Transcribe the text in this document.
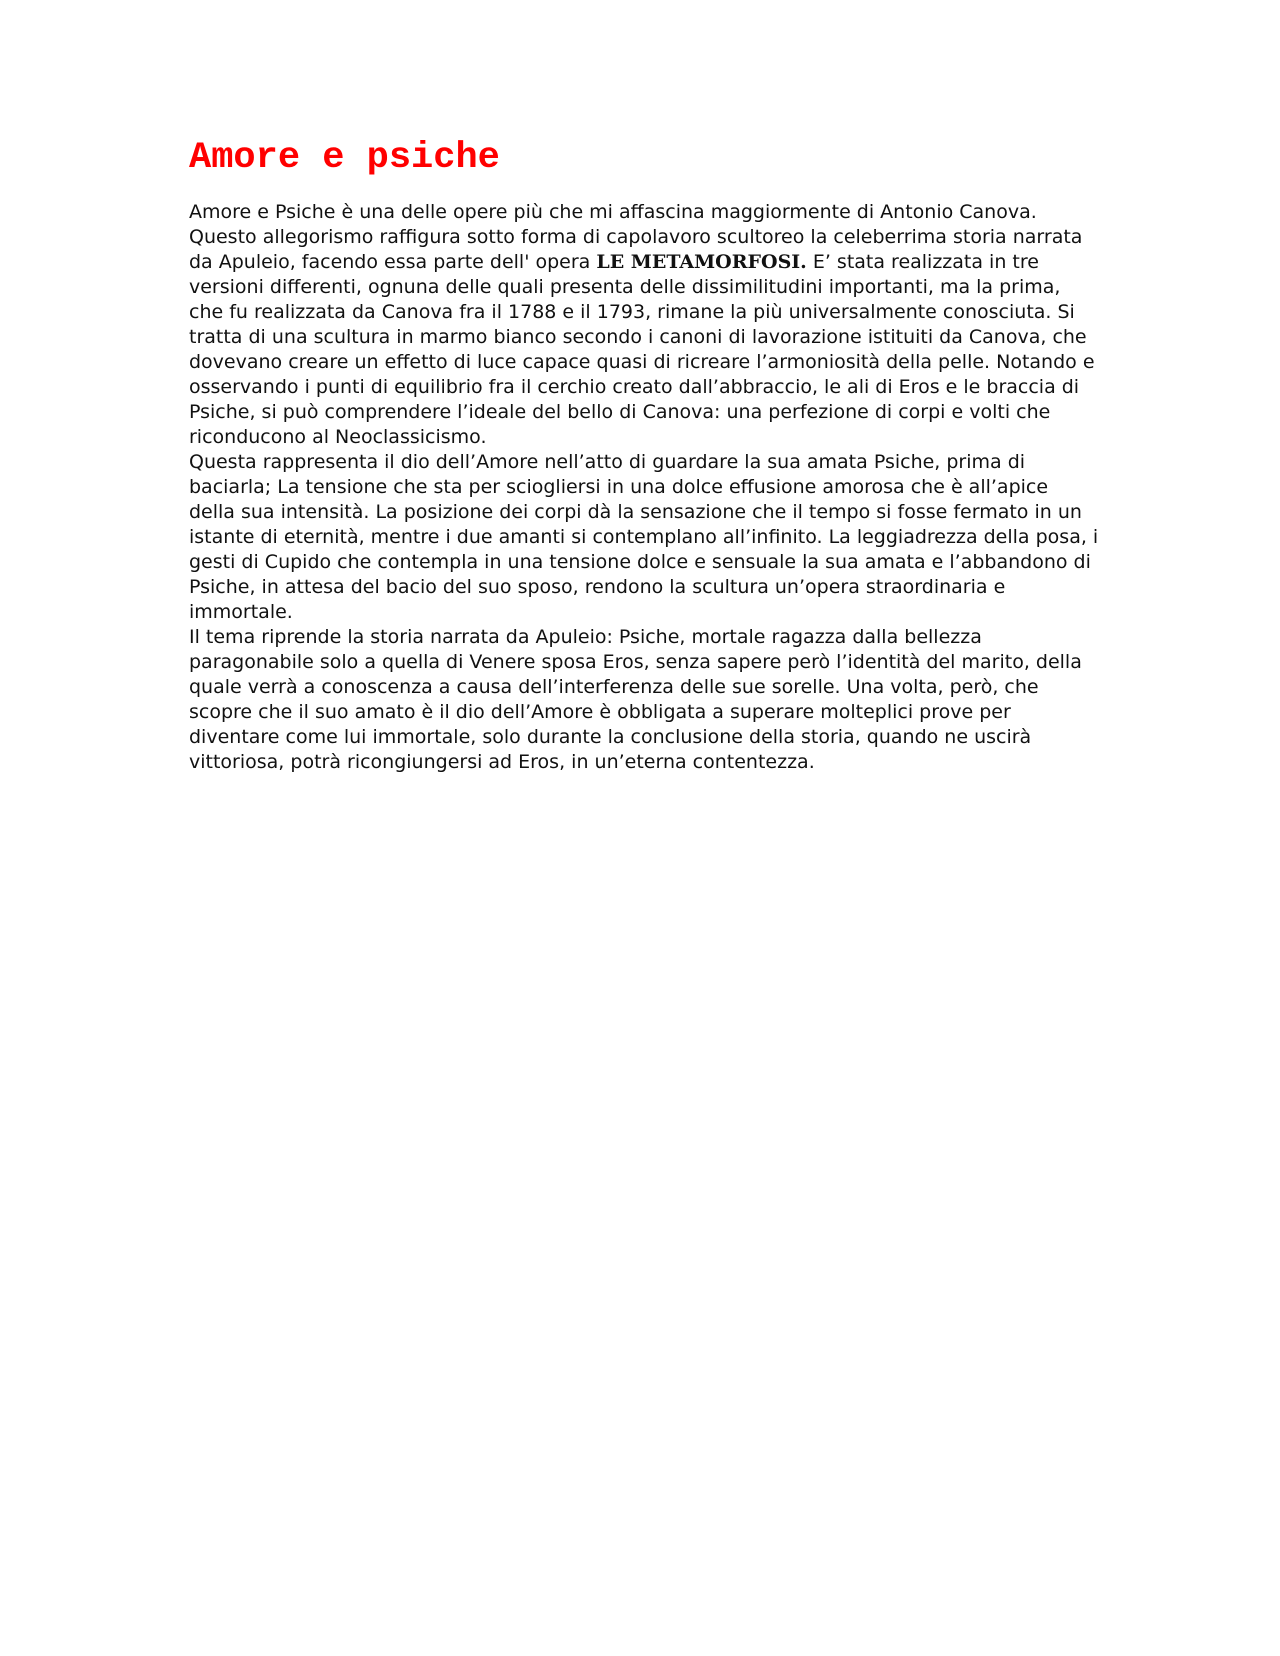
Amore e psiche

Amore e Psiche è una delle opere più che mi affascina maggiormente di Antonio Canova. Questo allegorismo raffigura sotto forma di capolavoro scultoreo la celeberrima storia narrata da Apuleio, facendo essa parte dell' opera LE METAMORFOSI. E’ stata realizzata in tre versioni differenti, ognuna delle quali presenta delle dissimilitudini importanti, ma la prima, che fu realizzata da Canova fra il 1788 e il 1793, rimane la più universalmente conosciuta. Si tratta di una scultura in marmo bianco secondo i canoni di lavorazione istituiti da Canova, che dovevano creare un effetto di luce capace quasi di ricreare l’armoniosità della pelle. Notando e osservando i punti di equilibrio fra il cerchio creato dall’abbraccio, le ali di Eros e le braccia di Psiche, si può comprendere l’ideale del bello di Canova: una perfezione di corpi e volti che riconducono al Neoclassicismo.

Questa rappresenta il dio dell’Amore nell’atto di guardare la sua amata Psiche, prima di baciarla; La tensione che sta per sciogliersi in una dolce effusione amorosa che è all’apice della sua intensità. La posizione dei corpi dà la sensazione che il tempo si fosse fermato in un istante di eternità, mentre i due amanti si contemplano all’infinito. La leggiadrezza della posa, i gesti di Cupido che contempla in una tensione dolce e sensuale la sua amata e l’abbandono di Psiche, in attesa del bacio del suo sposo, rendono la scultura un’opera straordinaria e immortale.

Il tema riprende la storia narrata da Apuleio: Psiche, mortale ragazza dalla bellezza paragonabile solo a quella di Venere sposa Eros, senza sapere però l’identità del marito, della quale verrà a conoscenza a causa dell’interferenza delle sue sorelle. Una volta, però, che scopre che il suo amato è il dio dell’Amore è obbligata a superare molteplici prove per diventare come lui immortale, solo durante la conclusione della storia, quando ne uscirà vittoriosa, potrà ricongiungersi ad Eros, in un’eterna contentezza.
